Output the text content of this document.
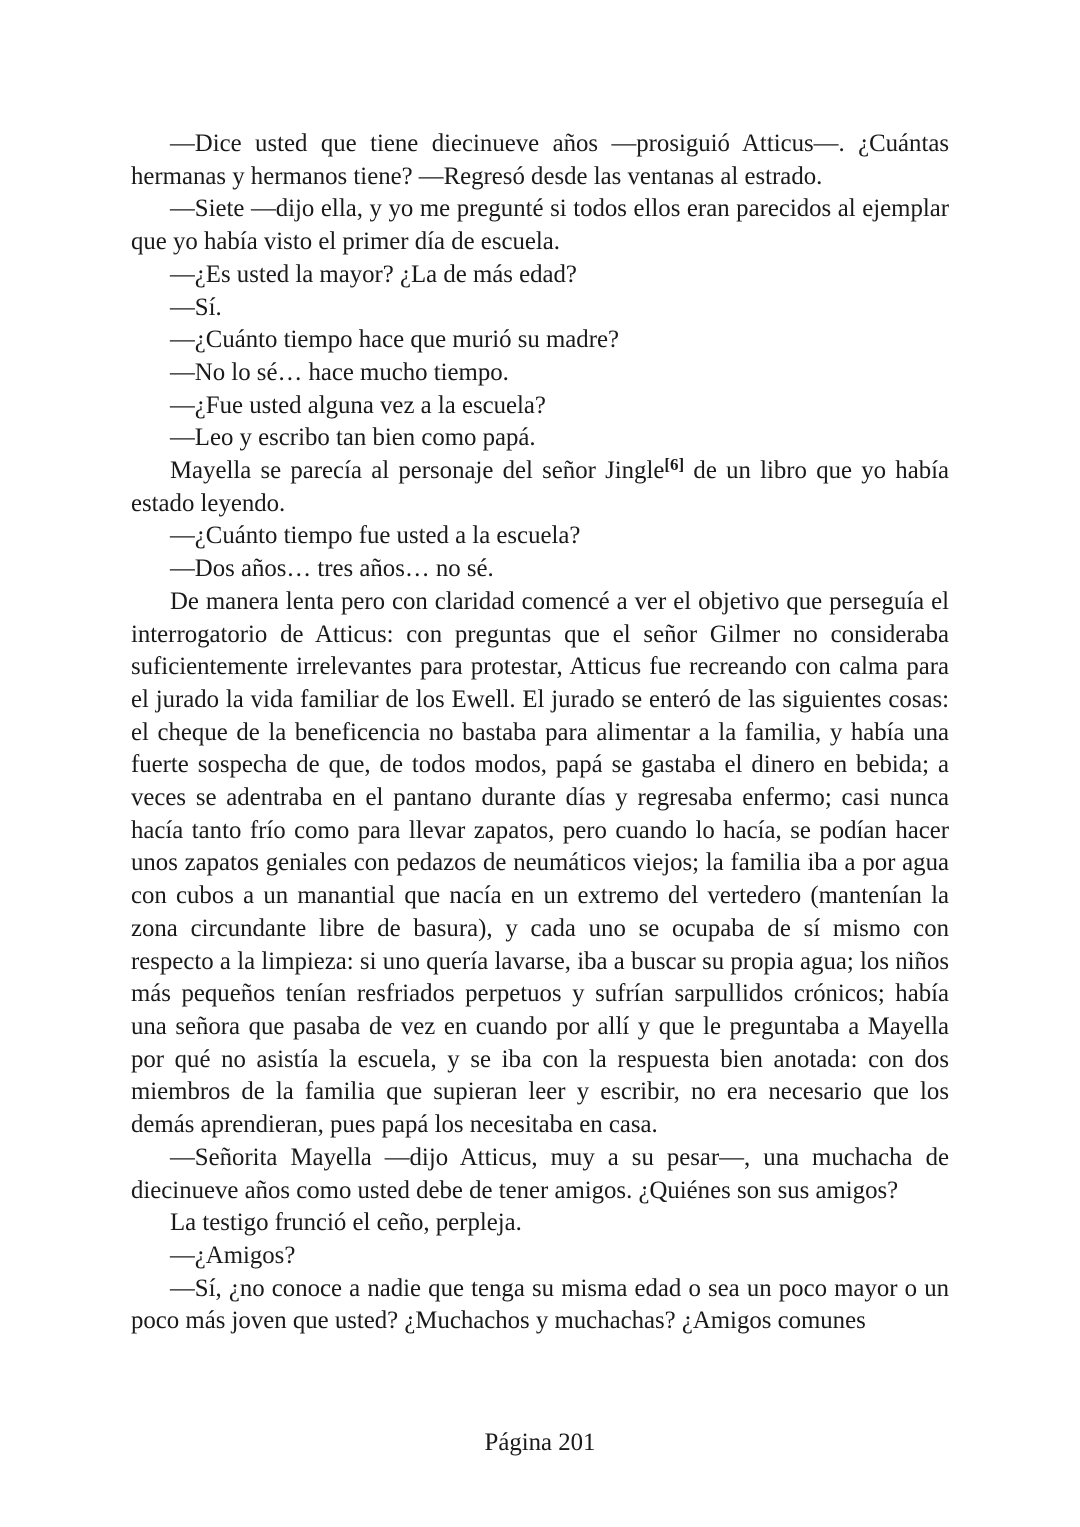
—Dice usted que tiene diecinueve años —prosiguió Atticus—. ¿Cuántas hermanas y hermanos tiene? —Regresó desde las ventanas al estrado.

—Siete —dijo ella, y yo me pregunté si todos ellos eran parecidos al ejemplar que yo había visto el primer día de escuela.

—¿Es usted la mayor? ¿La de más edad?

—Sí.

—¿Cuánto tiempo hace que murió su madre?

—No lo sé… hace mucho tiempo.

—¿Fue usted alguna vez a la escuela?

—Leo y escribo tan bien como papá.

Mayella se parecía al personaje del señor Jingle[6] de un libro que yo había estado leyendo.

—¿Cuánto tiempo fue usted a la escuela?

—Dos años… tres años… no sé.

De manera lenta pero con claridad comencé a ver el objetivo que perseguía el interrogatorio de Atticus: con preguntas que el señor Gilmer no consideraba suficientemente irrelevantes para protestar, Atticus fue recreando con calma para el jurado la vida familiar de los Ewell. El jurado se enteró de las siguientes cosas: el cheque de la beneficencia no bastaba para alimentar a la familia, y había una fuerte sospecha de que, de todos modos, papá se gastaba el dinero en bebida; a veces se adentraba en el pantano durante días y regresaba enfermo; casi nunca hacía tanto frío como para llevar zapatos, pero cuando lo hacía, se podían hacer unos zapatos geniales con pedazos de neumáticos viejos; la familia iba a por agua con cubos a un manantial que nacía en un extremo del vertedero (mantenían la zona circundante libre de basura), y cada uno se ocupaba de sí mismo con respecto a la limpieza: si uno quería lavarse, iba a buscar su propia agua; los niños más pequeños tenían resfriados perpetuos y sufrían sarpullidos crónicos; había una señora que pasaba de vez en cuando por allí y que le preguntaba a Mayella por qué no asistía la escuela, y se iba con la respuesta bien anotada: con dos miembros de la familia que supieran leer y escribir, no era necesario que los demás aprendieran, pues papá los necesitaba en casa.

—Señorita Mayella —dijo Atticus, muy a su pesar—, una muchacha de diecinueve años como usted debe de tener amigos. ¿Quiénes son sus amigos?

La testigo frunció el ceño, perpleja.

—¿Amigos?

—Sí, ¿no conoce a nadie que tenga su misma edad o sea un poco mayor o un poco más joven que usted? ¿Muchachos y muchachas? ¿Amigos comunes

Página 201
